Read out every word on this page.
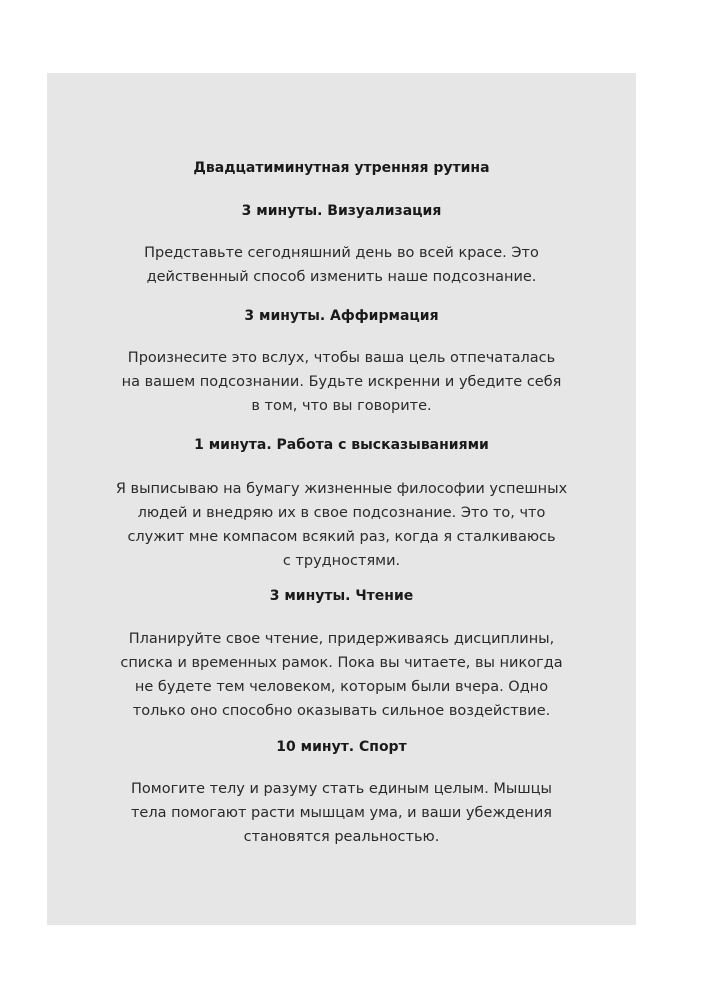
Двадцатиминутная утренняя рутина
3 минуты. Визуализация

Представьте сегодняшний день во всей красе. Это
действенный способ изменить наше подсознание.

3 минуты. Аффирмация

Произнесите это вслух, чтобы ваша цель отпечаталась
на вашем подсознании. Будьте искренни и убедите себя
в том, что вы говорите.

1 минута. Работа с высказываниями

Я выписываю на бумагу жизненные философии успешных
людей и внедряю их в свое подсознание. Это то, что
служит мне компасом всякий раз, когда я сталкиваюсь
с трудностями.

3 минуты. Чтение

Планируйте свое чтение, придерживаясь дисциплины,
списка и временных рамок. Пока вы читаете, вы никогда
не будете тем человеком, которым были вчера. Одно
только оно способно оказывать сильное воздействие.

10 минут. Спорт

Помогите телу и разуму стать единым целым. Мышцы
тела помогают расти мышцам ума, и ваши убеждения
становятся реальностью.
